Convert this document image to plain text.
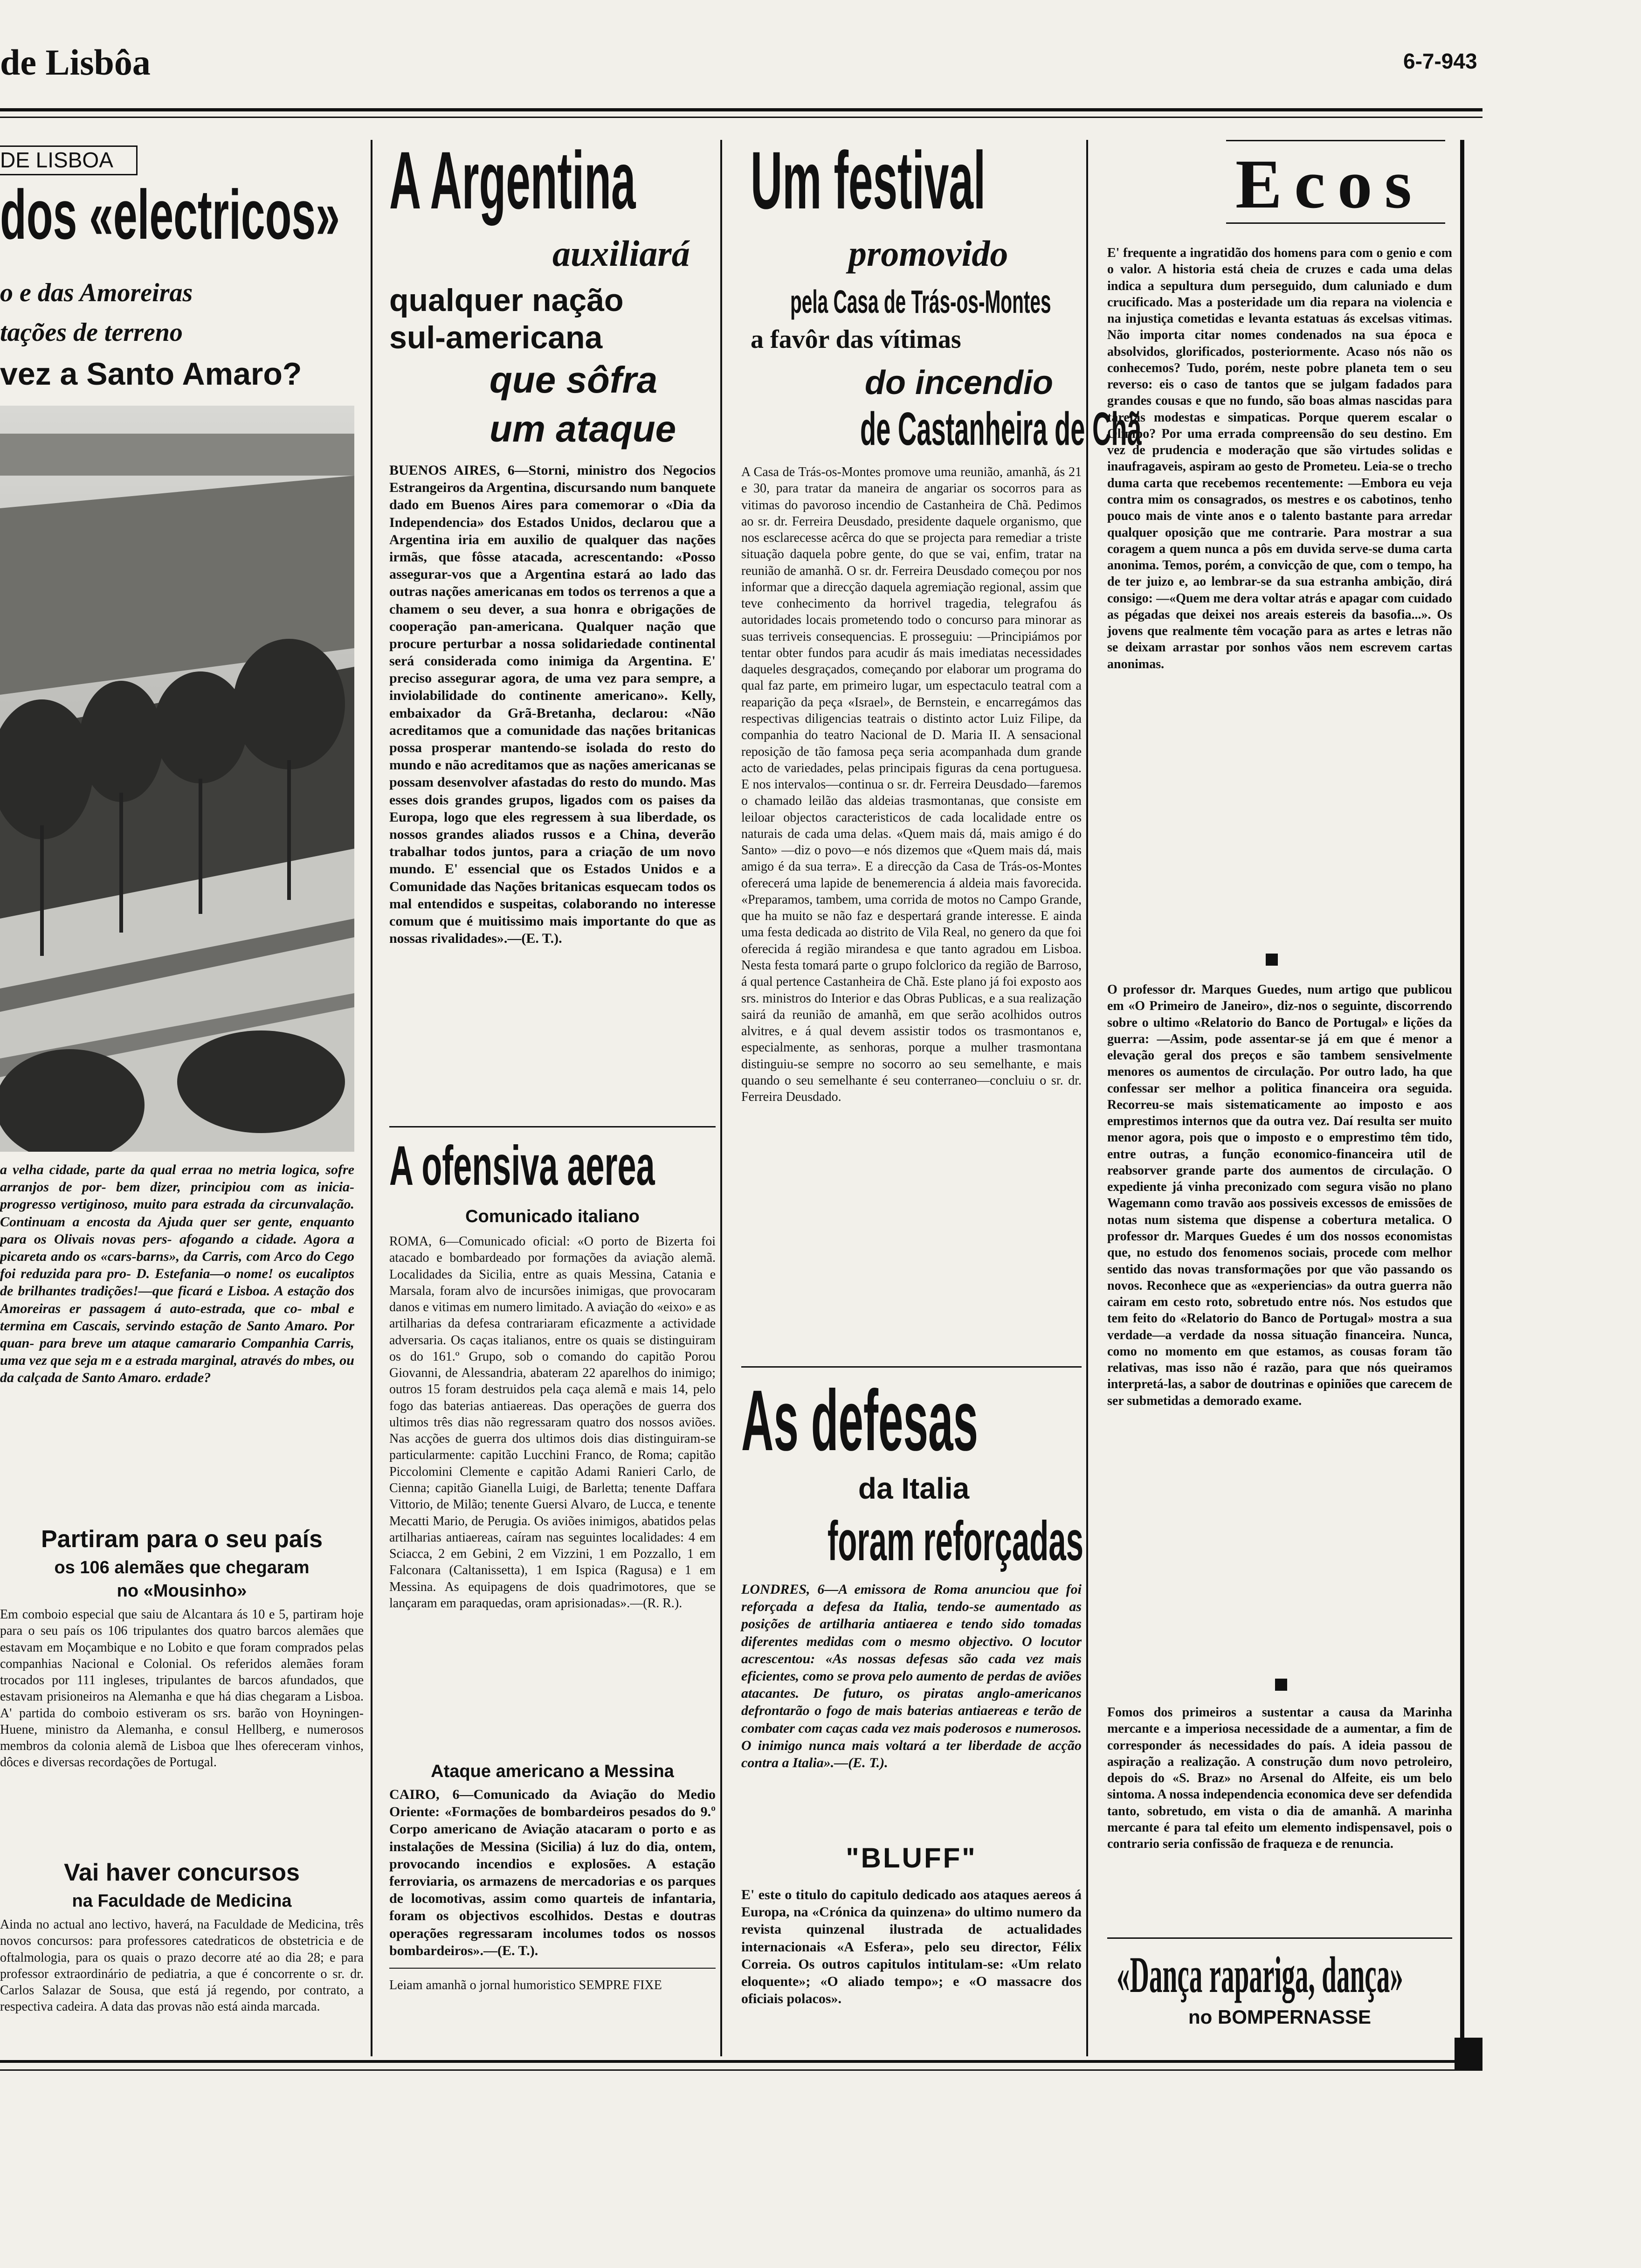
de Lisbôa	6-7-943
DE LISBOA
dos «electricos»
o e das Amoreiras
tações de terreno
vez a Santo Amaro?

a velha cidade, parte da qual erraa no metria logica, sofre arranjos de por- bem dizer, principiou com as inicia- progresso vertiginoso, muito para estrada da circunvalação. Continuam a encosta da Ajuda quer ser gente, enquanto para os Olivais novas pers- afogando a cidade. Agora a picareta ando os «cars-barns», da Carris, com Arco do Cego foi reduzida para pro- D. Estefania—o nome! os eucaliptos de brilhantes tradições!—que ficará e Lisboa. A estação dos Amoreiras er passagem á auto-estrada, que co- mbal e termina em Cascais, servindo estação de Santo Amaro. Por quan- para breve um ataque camarario Companhia Carris, uma vez que seja m e a estrada marginal, através do mbes, ou da calçada de Santo Amaro. erdade?

Partiram para o seu país
os 106 alemães que chegaram
no «Mousinho»

Em comboio especial que saiu de Alcantara ás 10 e 5, partiram hoje para o seu país os 106 tripulantes dos quatro barcos alemães que estavam em Moçambique e no Lobito e que foram comprados pelas companhias Nacional e Colonial. Os referidos alemães foram trocados por 111 ingleses, tripulantes de barcos afundados, que estavam prisioneiros na Alemanha e que há dias chegaram a Lisboa. A' partida do comboio estiveram os srs. barão von Hoyningen-Huene, ministro da Alemanha, e consul Hellberg, e numerosos membros da colonia alemã de Lisboa que lhes ofereceram vinhos, dôces e diversas recordações de Portugal.

Vai haver concursos
na Faculdade de Medicina

Ainda no actual ano lectivo, haverá, na Faculdade de Medicina, três novos concursos: para professores catedraticos de obstetricia e de oftalmologia, para os quais o prazo decorre até ao dia 28; e para professor extraordinário de pediatria, a que é concorrente o sr. dr. Carlos Salazar de Sousa, que está já regendo, por contrato, a respectiva cadeira. A data das provas não está ainda marcada.

A Argentina
auxiliará
qualquer nação
sul-americana
que sôfra
um ataque

BUENOS AIRES, 6—Storni, ministro dos Negocios Estrangeiros da Argentina, discursando num banquete dado em Buenos Aires para comemorar o «Dia da Independencia» dos Estados Unidos, declarou que a Argentina iria em auxilio de qualquer das nações irmãs, que fôsse atacada, acrescentando: «Posso assegurar-vos que a Argentina estará ao lado das outras nações americanas em todos os terrenos a que a chamem o seu dever, a sua honra e obrigações de cooperação pan-americana. Qualquer nação que procure perturbar a nossa solidariedade continental será considerada como inimiga da Argentina. E' preciso assegurar agora, de uma vez para sempre, a inviolabilidade do continente americano». Kelly, embaixador da Grã-Bretanha, declarou: «Não acreditamos que a comunidade das nações britanicas possa prosperar mantendo-se isolada do resto do mundo e não acreditamos que as nações americanas se possam desenvolver afastadas do resto do mundo. Mas esses dois grandes grupos, ligados com os paises da Europa, logo que eles regressem à sua liberdade, os nossos grandes aliados russos e a China, deverão trabalhar todos juntos, para a criação de um novo mundo. E' essencial que os Estados Unidos e a Comunidade das Nações britanicas esquecam todos os mal entendidos e suspeitas, colaborando no interesse comum que é muitissimo mais importante do que as nossas rivalidades».—(E. T.).

A ofensiva aerea
Comunicado italiano

ROMA, 6—Comunicado oficial: «O porto de Bizerta foi atacado e bombardeado por formações da aviação alemã. Localidades da Sicilia, entre as quais Messina, Catania e Marsala, foram alvo de incursões inimigas, que provocaram danos e vitimas em numero limitado. A aviação do «eixo» e as artilharias da defesa contrariaram eficazmente a actividade adversaria. Os caças italianos, entre os quais se distinguiram os do 161.º Grupo, sob o comando do capitão Porou Giovanni, de Alessandria, abateram 22 aparelhos do inimigo; outros 15 foram destruidos pela caça alemã e mais 14, pelo fogo das baterias antiaereas. Das operações de guerra dos ultimos três dias não regressaram quatro dos nossos aviões. Nas acções de guerra dos ultimos dois dias distinguiram-se particularmente: capitão Lucchini Franco, de Roma; capitão Piccolomini Clemente e capitão Adami Ranieri Carlo, de Cienna; capitão Gianella Luigi, de Barletta; tenente Daffara Vittorio, de Milão; tenente Guersi Alvaro, de Lucca, e tenente Mecatti Mario, de Perugia. Os aviões inimigos, abatidos pelas artilharias antiaereas, caíram nas seguintes localidades: 4 em Sciacca, 2 em Gebini, 2 em Vizzini, 1 em Pozzallo, 1 em Falconara (Caltanissetta), 1 em Ispica (Ragusa) e 1 em Messina. As equipagens de dois quadrimotores, que se lançaram em paraquedas, oram aprisionadas».—(R. R.).

Ataque americano a Messina

CAIRO, 6—Comunicado da Aviação do Medio Oriente: «Formações de bombardeiros pesados do 9.º Corpo americano de Aviação atacaram o porto e as instalações de Messina (Sicilia) á luz do dia, ontem, provocando incendios e explosões. A estação ferroviaria, os armazens de mercadorias e os parques de locomotivas, assim como quarteis de infantaria, foram os objectivos escolhidos. Destas e doutras operações regressaram incolumes todos os nossos bombardeiros».—(E. T.).

Leiam amanhã o jornal humoristico SEMPRE FIXE

Um festival
promovido
pela Casa de Trás-os-Montes
a favôr das vítimas
do incendio
de Castanheira de Chã

A Casa de Trás-os-Montes promove uma reunião, amanhã, ás 21 e 30, para tratar da maneira de angariar os socorros para as vitimas do pavoroso incendio de Castanheira de Chã. Pedimos ao sr. dr. Ferreira Deusdado, presidente daquele organismo, que nos esclarecesse acêrca do que se projecta para remediar a triste situação daquela pobre gente, do que se vai, enfim, tratar na reunião de amanhã. O sr. dr. Ferreira Deusdado começou por nos informar que a direcção daquela agremiação regional, assim que teve conhecimento da horrivel tragedia, telegrafou ás autoridades locais prometendo todo o concurso para minorar as suas terriveis consequencias. E prosseguiu: —Principiámos por tentar obter fundos para acudir ás mais imediatas necessidades daqueles desgraçados, começando por elaborar um programa do qual faz parte, em primeiro lugar, um espectaculo teatral com a reaparição da peça «Israel», de Bernstein, e encarregámos das respectivas diligencias teatrais o distinto actor Luiz Filipe, da companhia do teatro Nacional de D. Maria II. A sensacional reposição de tão famosa peça seria acompanhada dum grande acto de variedades, pelas principais figuras da cena portuguesa. E nos intervalos—continua o sr. dr. Ferreira Deusdado—faremos o chamado leilão das aldeias trasmontanas, que consiste em leiloar objectos caracteristicos de cada localidade entre os naturais de cada uma delas. «Quem mais dá, mais amigo é do Santo» —diz o povo—e nós dizemos que «Quem mais dá, mais amigo é da sua terra». E a direcção da Casa de Trás-os-Montes oferecerá uma lapide de benemerencia á aldeia mais favorecida. «Preparamos, tambem, uma corrida de motos no Campo Grande, que ha muito se não faz e despertará grande interesse. E ainda uma festa dedicada ao distrito de Vila Real, no genero da que foi oferecida á região mirandesa e que tanto agradou em Lisboa. Nesta festa tomará parte o grupo folclorico da região de Barroso, á qual pertence Castanheira de Chã. Este plano já foi exposto aos srs. ministros do Interior e das Obras Publicas, e a sua realização sairá da reunião de amanhã, em que serão acolhidos outros alvitres, e á qual devem assistir todos os trasmontanos e, especialmente, as senhoras, porque a mulher trasmontana distinguiu-se sempre no socorro ao seu semelhante, e mais quando o seu semelhante é seu conterraneo—concluiu o sr. dr. Ferreira Deusdado.

As defesas
da Italia
foram reforçadas

LONDRES, 6—A emissora de Roma anunciou que foi reforçada a defesa da Italia, tendo-se aumentado as posições de artilharia antiaerea e tendo sido tomadas diferentes medidas com o mesmo objectivo. O locutor acrescentou: «As nossas defesas são cada vez mais eficientes, como se prova pelo aumento de perdas de aviões atacantes. De futuro, os piratas anglo-americanos defrontarão o fogo de mais baterias antiaereas e terão de combater com caças cada vez mais poderosos e numerosos. O inimigo nunca mais voltará a ter liberdade de acção contra a Italia».—(E. T.).

"BLUFF"

E' este o titulo do capitulo dedicado aos ataques aereos á Europa, na «Crónica da quinzena» do ultimo numero da revista quinzenal ilustrada de actualidades internacionais «A Esfera», pelo seu director, Félix Correia. Os outros capitulos intitulam-se: «Um relato eloquente»; «O aliado tempo»; e «O massacre dos oficiais polacos».

Ecos

E' frequente a ingratidão dos homens para com o genio e com o valor. A historia está cheia de cruzes e cada uma delas indica a sepultura dum perseguido, dum caluniado e dum crucificado. Mas a posteridade um dia repara na violencia e na injustiça cometidas e levanta estatuas ás excelsas vitimas. Não importa citar nomes condenados na sua época e absolvidos, glorificados, posteriormente. Acaso nós não os conhecemos? Tudo, porém, neste pobre planeta tem o seu reverso: eis o caso de tantos que se julgam fadados para grandes cousas e que no fundo, são boas almas nascidas para tarefas modestas e simpaticas. Porque querem escalar o Olimpo? Por uma errada compreensão do seu destino. Em vez de prudencia e moderação que são virtudes solidas e inaufragaveis, aspiram ao gesto de Prometeu. Leia-se o trecho duma carta que recebemos recentemente: —Embora eu veja contra mim os consagrados, os mestres e os cabotinos, tenho pouco mais de vinte anos e o talento bastante para arredar qualquer oposição que me contrarie. Para mostrar a sua coragem a quem nunca a pôs em duvida serve-se duma carta anonima. Temos, porém, a convicção de que, com o tempo, ha de ter juizo e, ao lembrar-se da sua estranha ambição, dirá consigo: —«Quem me dera voltar atrás e apagar com cuidado as pégadas que deixei nos areais estereis da basofia...». Os jovens que realmente têm vocação para as artes e letras não se deixam arrastar por sonhos vãos nem escrevem cartas anonimas.

O professor dr. Marques Guedes, num artigo que publicou em «O Primeiro de Janeiro», diz-nos o seguinte, discorrendo sobre o ultimo «Relatorio do Banco de Portugal» e lições da guerra: —Assim, pode assentar-se já em que é menor a elevação geral dos preços e são tambem sensivelmente menores os aumentos de circulação. Por outro lado, ha que confessar ser melhor a politica financeira ora seguida. Recorreu-se mais sistematicamente ao imposto e aos emprestimos internos que da outra vez. Daí resulta ser muito menor agora, pois que o imposto e o emprestimo têm tido, entre outras, a função economico-financeira util de reabsorver grande parte dos aumentos de circulação. O expediente já vinha preconizado com segura visão no plano Wagemann como travão aos possiveis excessos de emissões de notas num sistema que dispense a cobertura metalica. O professor dr. Marques Guedes é um dos nossos economistas que, no estudo dos fenomenos sociais, procede com melhor sentido das novas transformações por que vão passando os novos. Reconhece que as «experiencias» da outra guerra não cairam em cesto roto, sobretudo entre nós. Nos estudos que tem feito do «Relatorio do Banco de Portugal» mostra a sua verdade—a verdade da nossa situação financeira. Nunca, como no momento em que estamos, as cousas foram tão relativas, mas isso não é razão, para que nós queiramos interpretá-las, a sabor de doutrinas e opiniões que carecem de ser submetidas a demorado exame.

Fomos dos primeiros a sustentar a causa da Marinha mercante e a imperiosa necessidade de a aumentar, a fim de corresponder ás necessidades do país. A ideia passou de aspiração a realização. A construção dum novo petroleiro, depois do «S. Braz» no Arsenal do Alfeite, eis um belo sintoma. A nossa independencia economica deve ser defendida tanto, sobretudo, em vista o dia de amanhã. A marinha mercante é para tal efeito um elemento indispensavel, pois o contrario seria confissão de fraqueza e de renuncia.

«Dança rapariga, dança»
no BOMPERNASSE
